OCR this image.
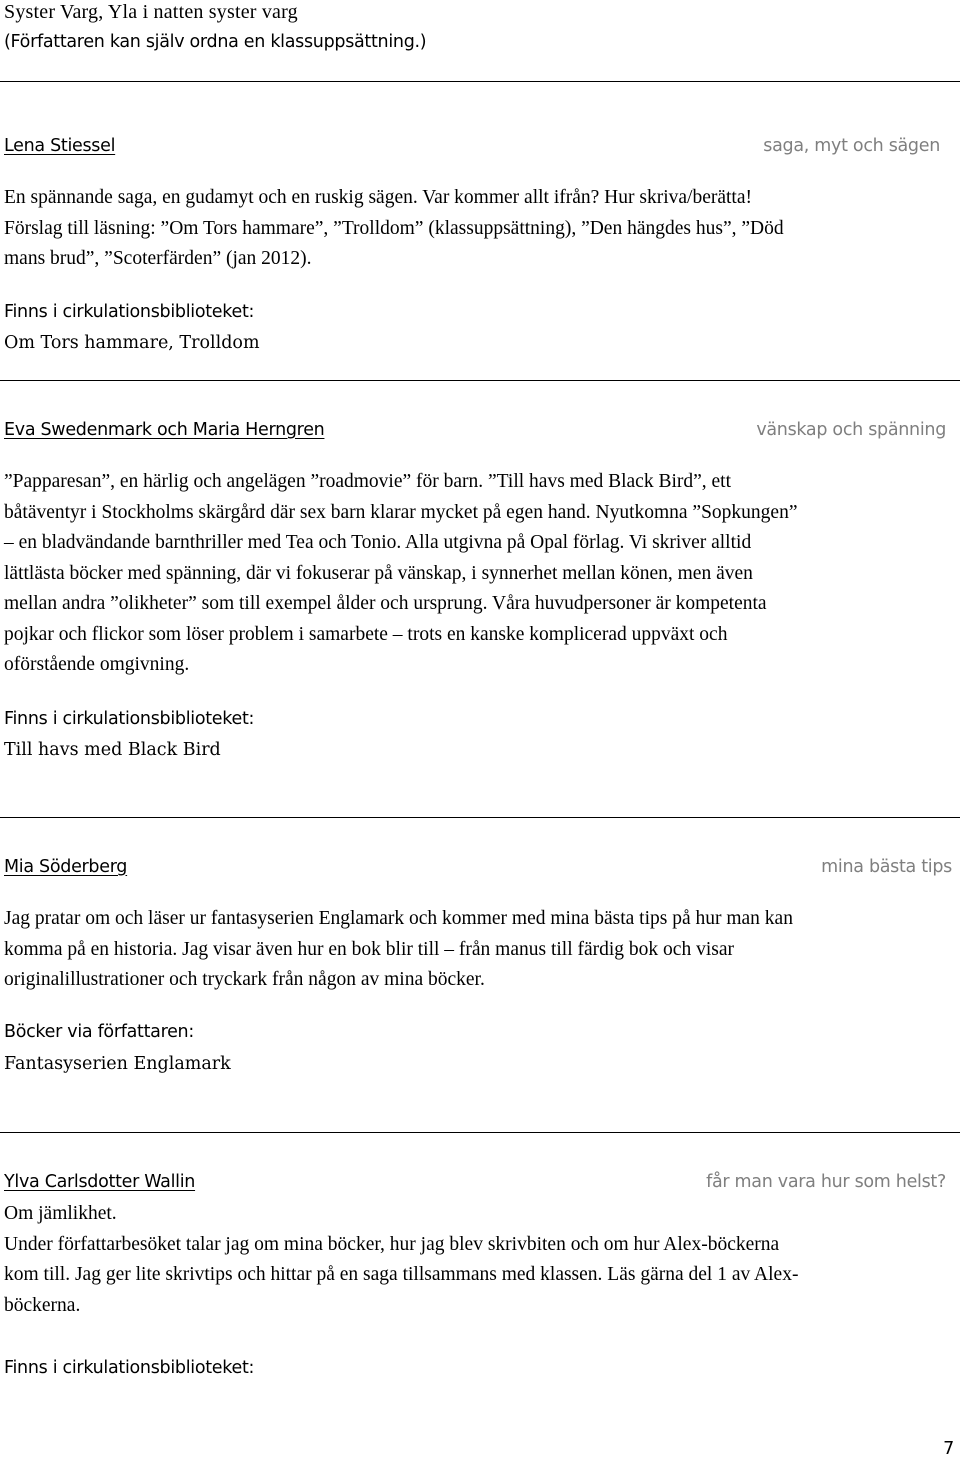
Syster Varg, Yla i natten syster varg
(Författaren kan själv ordna en klassuppsättning.)
Lena Stiessel	saga, myt och sägen
En spännande saga, en gudamyt och en ruskig sägen. Var kommer allt ifrån? Hur skriva/berätta!
Förslag till läsning: ”Om Tors hammare”, ”Trolldom” (klassuppsättning), ”Den hängdes hus”, ”Död
mans brud”, ”Scoterfärden” (jan 2012).
Finns i cirkulationsbiblioteket:
Om Tors hammare, Trolldom
Eva Swedenmark och Maria Herngren	vänskap och spänning
”Papparesan”, en härlig och angelägen ”roadmovie” för barn. ”Till havs med Black Bird”, ett
båtäventyr i Stockholms skärgård där sex barn klarar mycket på egen hand. Nyutkomna ”Sopkungen”
– en bladvändande barnthriller med Tea och Tonio. Alla utgivna på Opal förlag. Vi skriver alltid
lättlästa böcker med spänning, där vi fokuserar på vänskap, i synnerhet mellan könen, men även
mellan andra ”olikheter” som till exempel ålder och ursprung. Våra huvudpersoner är kompetenta
pojkar och flickor som löser problem i samarbete – trots en kanske komplicerad uppväxt och
oförstående omgivning.
Finns i cirkulationsbiblioteket:
Till havs med Black Bird
Mia Söderberg	mina bästa tips
Jag pratar om och läser ur fantasyserien Englamark och kommer med mina bästa tips på hur man kan
komma på en historia. Jag visar även hur en bok blir till – från manus till färdig bok och visar
originalillustrationer och tryckark från någon av mina böcker.
Böcker via författaren:
Fantasyserien Englamark
Ylva Carlsdotter Wallin	får man vara hur som helst?
Om jämlikhet.
Under författarbesöket talar jag om mina böcker, hur jag blev skrivbiten och om hur Alex-böckerna
kom till. Jag ger lite skrivtips och hittar på en saga tillsammans med klassen. Läs gärna del 1 av Alex-
böckerna.
Finns i cirkulationsbiblioteket:
7
